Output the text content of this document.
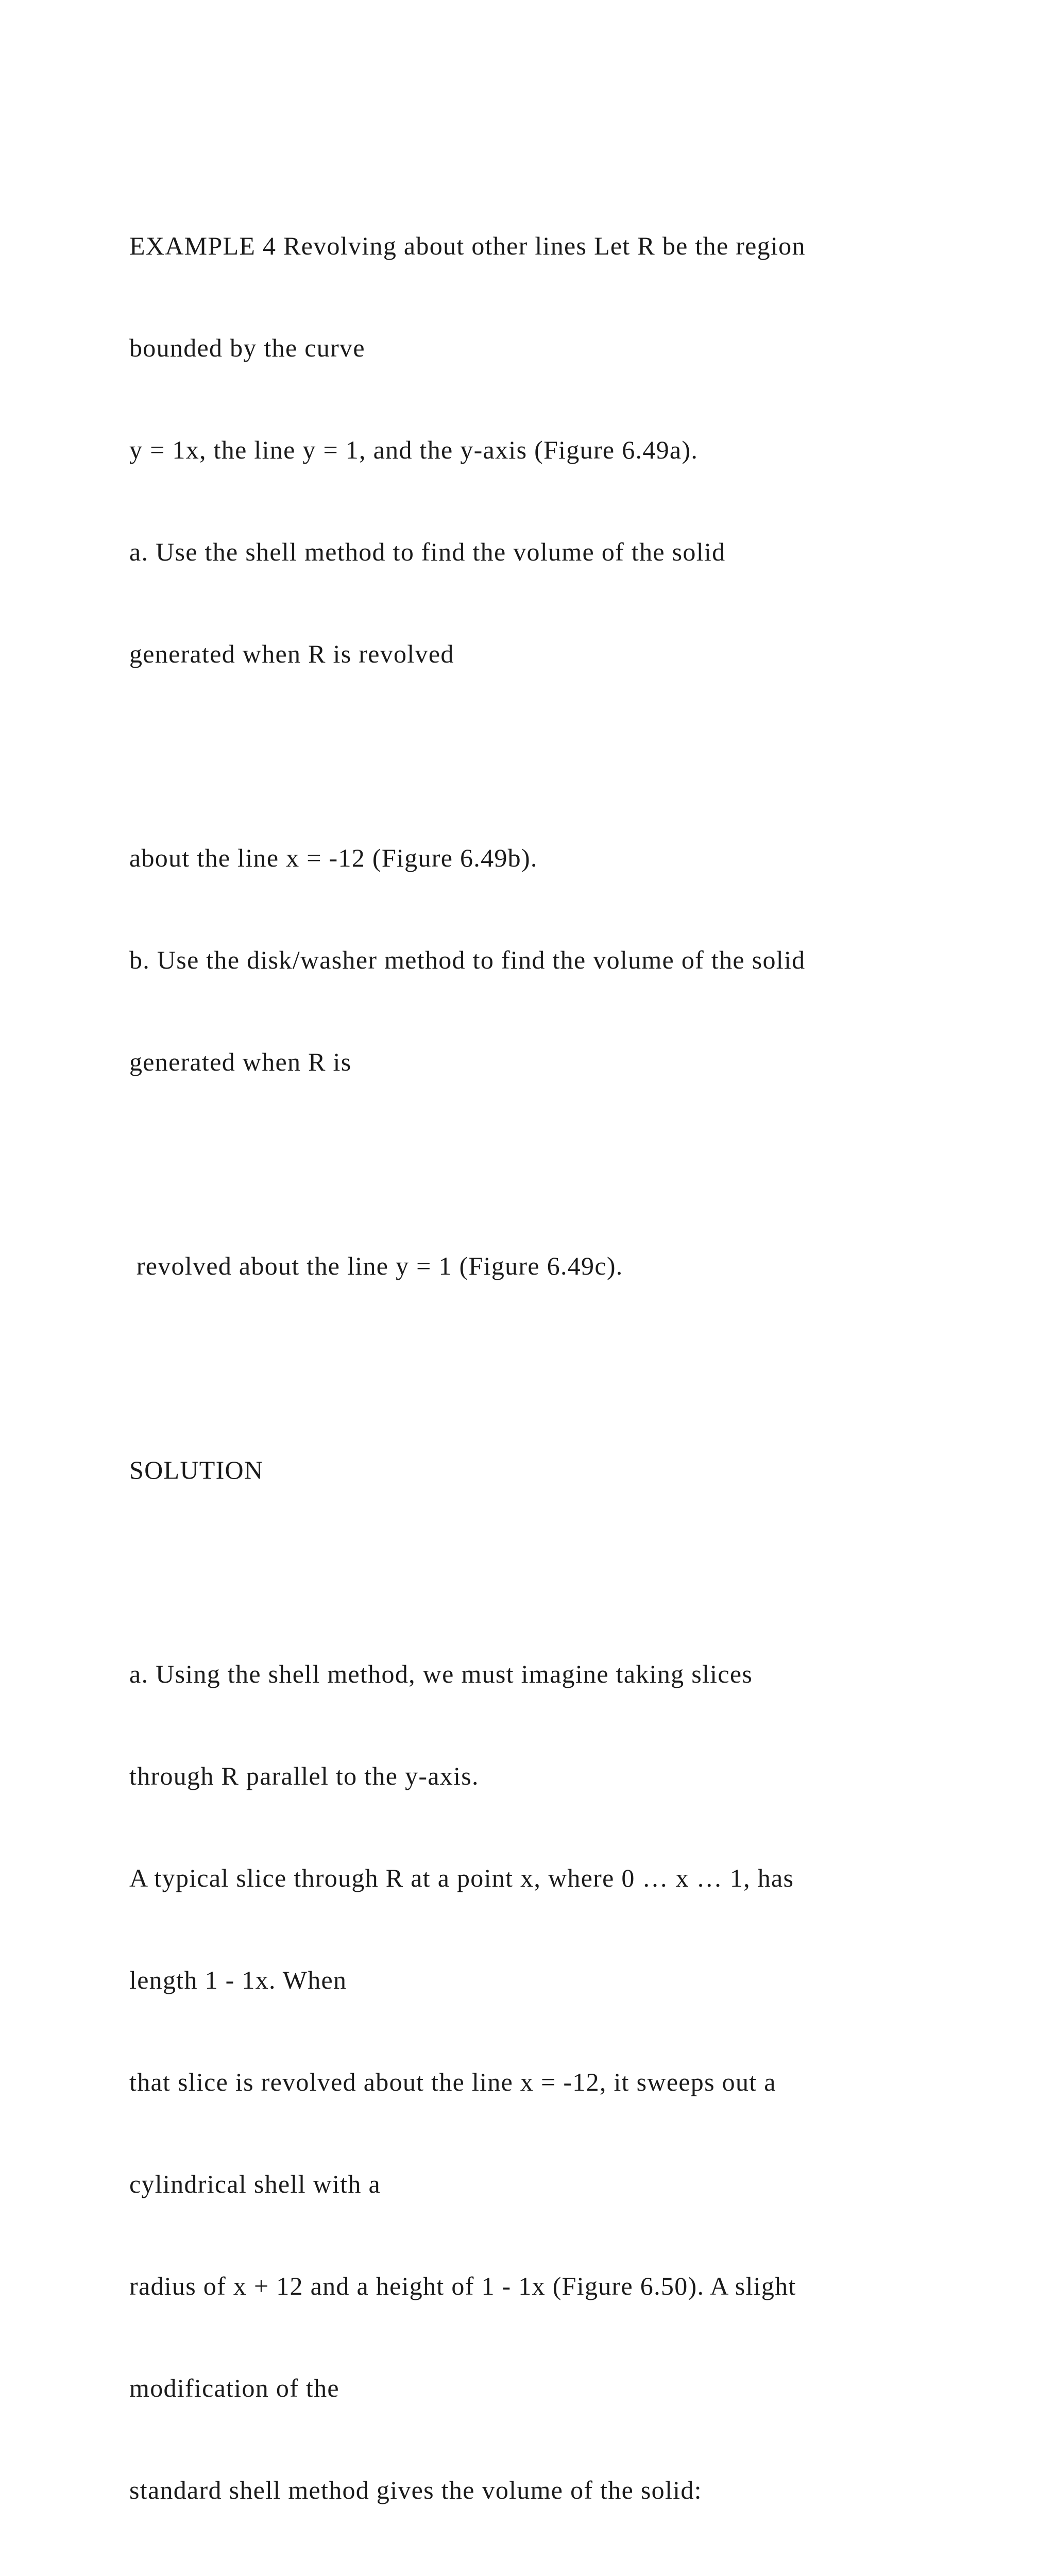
EXAMPLE 4 Revolving about other lines Let R be the region

bounded by the curve

y = 1x, the line y = 1, and the y-axis (Figure 6.49a).

a. Use the shell method to find the volume of the solid

generated when R is revolved

about the line x = -12 (Figure 6.49b).

b. Use the disk/washer method to find the volume of the solid

generated when R is

revolved about the line y = 1 (Figure 6.49c).

SOLUTION

a. Using the shell method, we must imagine taking slices

through R parallel to the y-axis.

A typical slice through R at a point x, where 0 … x … 1, has

length 1 - 1x. When

that slice is revolved about the line x = -12, it sweeps out a

cylindrical shell with a

radius of x + 12 and a height of 1 - 1x (Figure 6.50). A slight

modification of the

standard shell method gives the volume of the solid:
